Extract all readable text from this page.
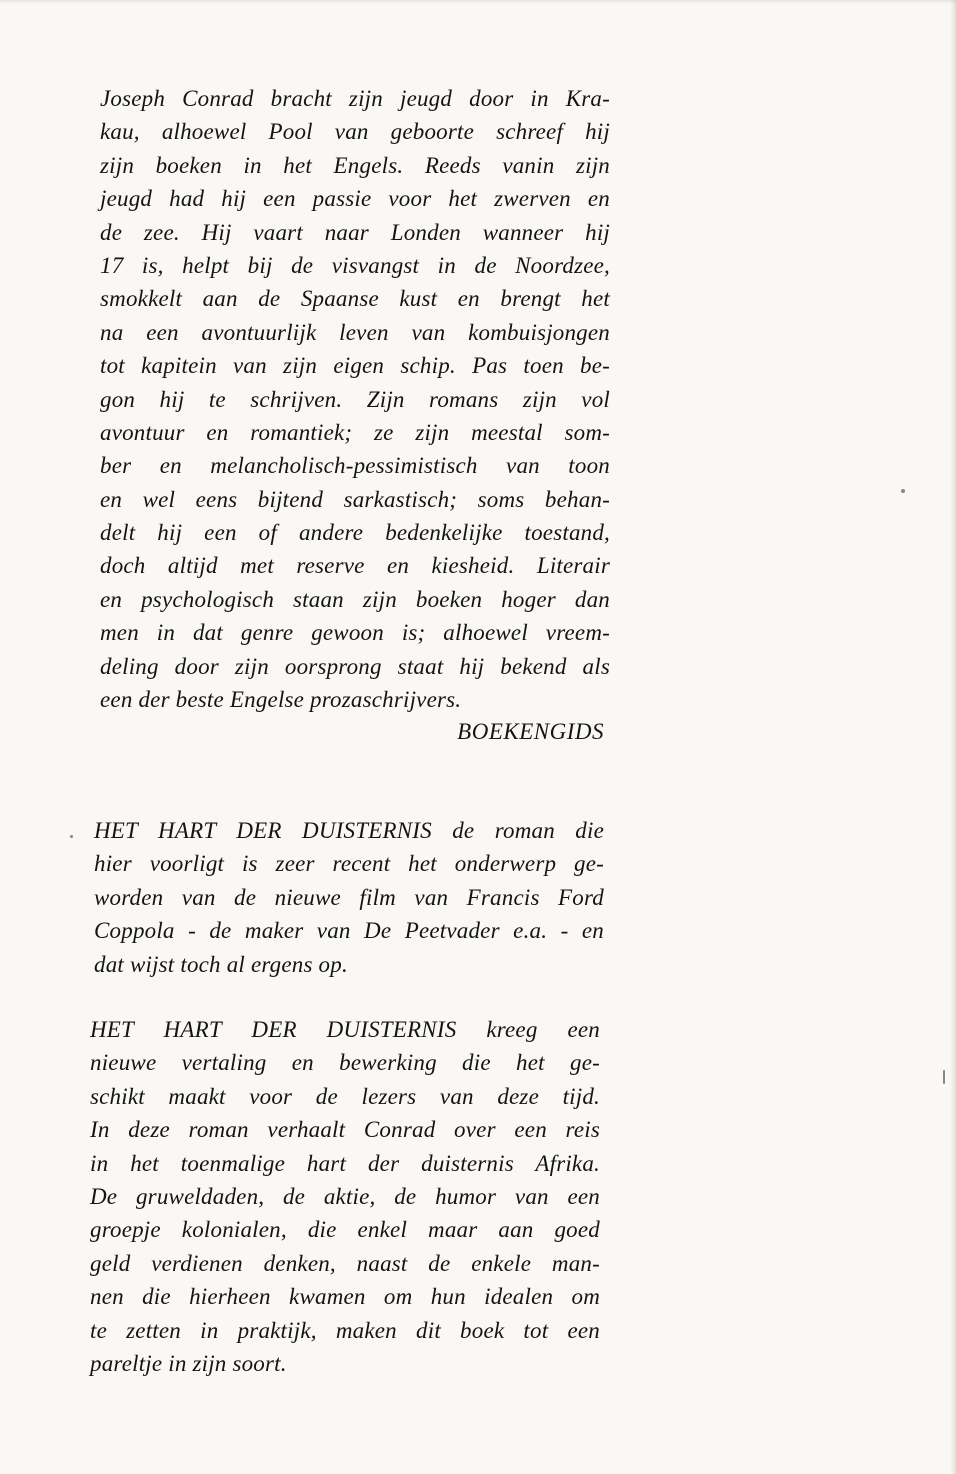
Joseph Conrad bracht zijn jeugd door in Kra-
kau, alhoewel Pool van geboorte schreef hij
zijn boeken in het Engels. Reeds vanin zijn
jeugd had hij een passie voor het zwerven en
de zee. Hij vaart naar Londen wanneer hij
17 is, helpt bij de visvangst in de Noordzee,
smokkelt aan de Spaanse kust en brengt het
na een avontuurlijk leven van kombuisjongen
tot kapitein van zijn eigen schip. Pas toen be-
gon hij te schrijven. Zijn romans zijn vol
avontuur en romantiek; ze zijn meestal som-
ber en melancholisch-pessimistisch van toon
en wel eens bijtend sarkastisch; soms behan-
delt hij een of andere bedenkelijke toestand,
doch altijd met reserve en kiesheid. Literair
en psychologisch staan zijn boeken hoger dan
men in dat genre gewoon is; alhoewel vreem-
deling door zijn oorsprong staat hij bekend als
een der beste Engelse prozaschrijvers.
BOEKENGIDS
HET HART DER DUISTERNIS de roman die
hier voorligt is zeer recent het onderwerp ge-
worden van de nieuwe film van Francis Ford
Coppola - de maker van De Peetvader e.a. - en
dat wijst toch al ergens op.
HET HART DER DUISTERNIS kreeg een
nieuwe vertaling en bewerking die het ge-
schikt maakt voor de lezers van deze tijd.
In deze roman verhaalt Conrad over een reis
in het toenmalige hart der duisternis Afrika.
De gruweldaden, de aktie, de humor van een
groepje kolonialen, die enkel maar aan goed
geld verdienen denken, naast de enkele man-
nen die hierheen kwamen om hun idealen om
te zetten in praktijk, maken dit boek tot een
pareltje in zijn soort.
